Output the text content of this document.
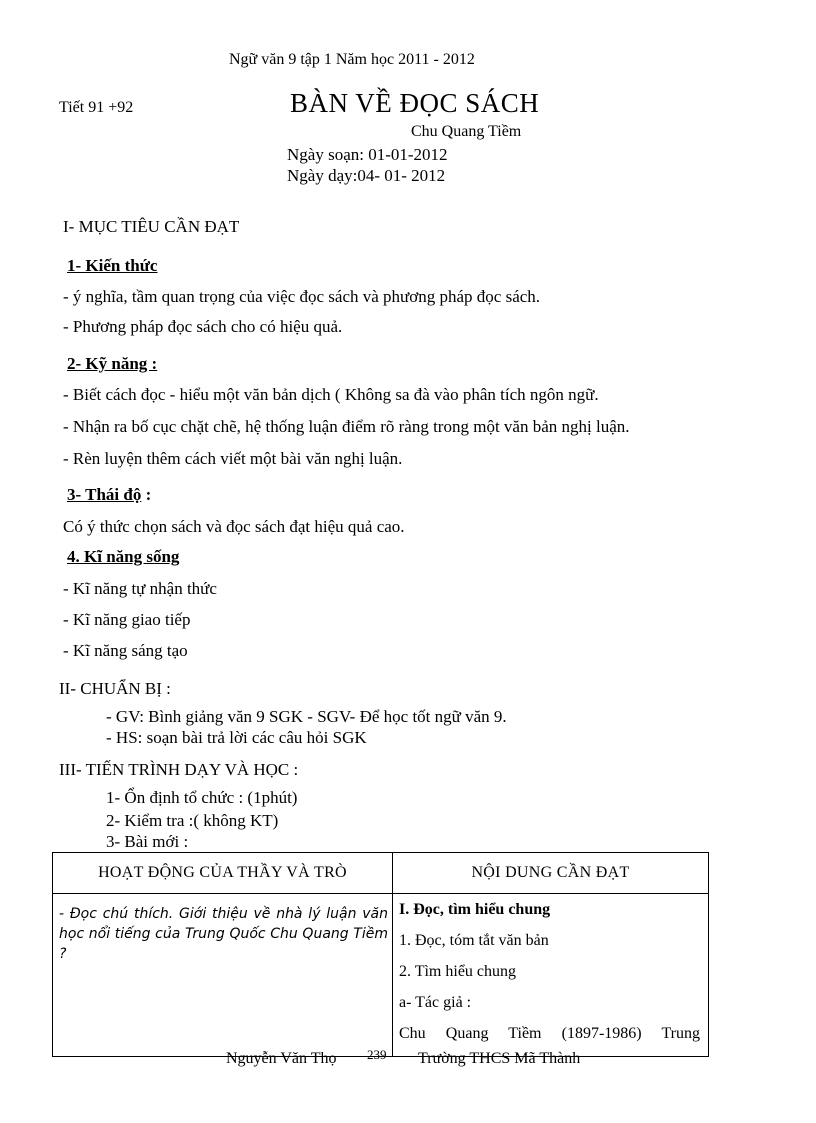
Ngữ văn 9 tập 1 Năm học 2011 - 2012
Tiết 91 +92	BÀN VỀ ĐỌC SÁCH
Chu Quang Tiềm
Ngày soạn: 01-01-2012
Ngày dạy:04- 01- 2012
I- MỤC TIÊU CẦN ĐẠT
1- Kiến thức
- ý nghĩa, tầm quan trọng của việc đọc sách và phương pháp đọc sách.
- Phương pháp đọc sách cho có hiệu quả.
2- Kỹ năng :
- Biết cách đọc - hiểu một văn bản dịch ( Không sa đà vào phân tích ngôn ngữ.
- Nhận ra bố cục chặt chẽ, hệ thống luận điểm rõ ràng trong một văn bản nghị luận.
- Rèn luyện thêm cách viết một bài văn nghị luận.
3- Thái độ :
Có ý thức chọn sách và đọc sách đạt hiệu quả cao.
4. Kĩ năng sống
- Kĩ năng tự nhận thức
- Kĩ năng giao tiếp
- Kĩ năng sáng tạo
II- CHUẨN BỊ :
- GV: Bình giảng văn 9 SGK - SGV- Để học tốt ngữ văn 9.
- HS: soạn bài trả lời các câu hỏi SGK
III- TIẾN TRÌNH DẠY VÀ HỌC :
1- Ổn định tổ chức : (1phút)
2- Kiểm tra :( không KT)
3- Bài mới :
HOẠT ĐỘNG CỦA THẦY VÀ TRÒ	NỘI DUNG CẦN ĐẠT
- Đọc chú thích. Giới thiệu về nhà lý luận văn học nổi tiếng của Trung Quốc Chu Quang Tiềm ?	I. Đọc, tìm hiểu chung
1. Đọc, tóm tắt văn bản
2. Tìm hiểu chung
a- Tác giả :
Chu Quang Tiềm (1897-1986) Trung
Nguyễn Văn Thọ 239 Trường THCS Mã Thành
